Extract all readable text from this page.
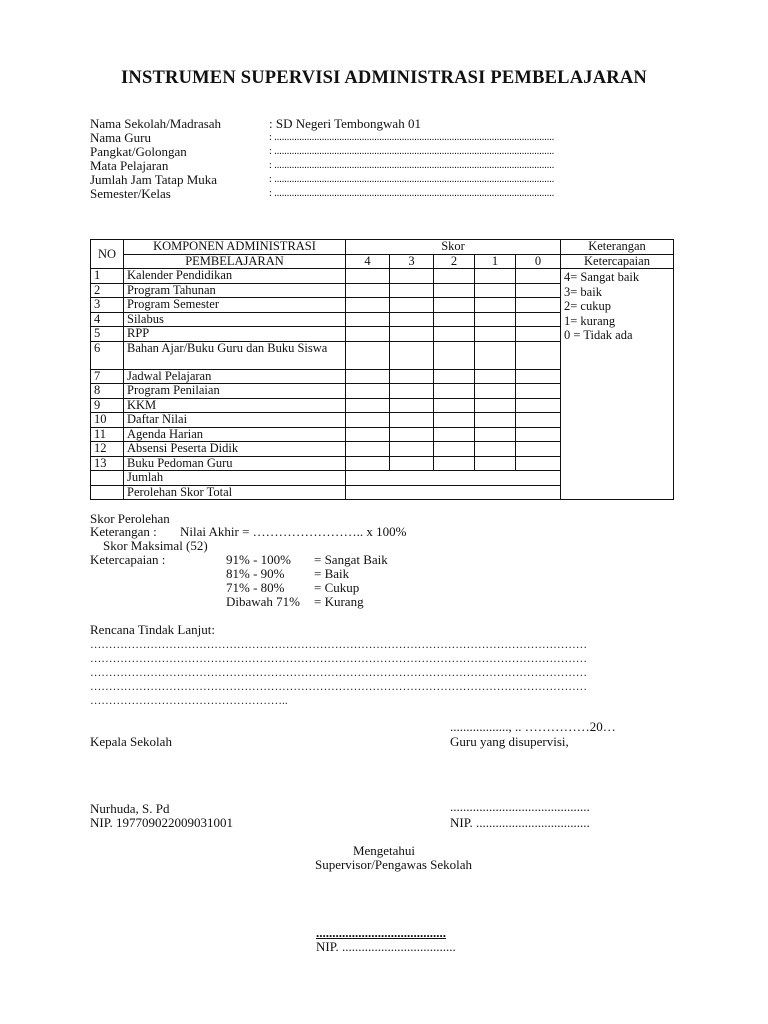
INSTRUMEN SUPERVISI ADMINISTRASI PEMBELAJARAN
Nama Sekolah/Madrasah	: SD Negeri Tembongwah 01
Nama Guru	: ................................................................................................................
Pangkat/Golongan	: ................................................................................................................
Mata Pelajaran	: ................................................................................................................
Jumlah Jam Tatap Muka	: ................................................................................................................
Semester/Kelas	: ................................................................................................................
NO	KOMPONEN ADMINISTRASI	Skor					Keterangan
	PEMBELAJARAN	4	3	2	1	0	Ketercapaian
1	Kalender Pendidikan						4= Sangat baik
3= baik
2= cukup
1= kurang
0 = Tidak ada

2	Program Tahunan						
3	Program Semester						
4	Silabus						
5	RPP						
6	Bahan Ajar/Buku Guru dan Buku Siswa						
7	Jadwal Pelajaran						
8	Program Penilaian						
9	KKM						
10	Daftar Nilai						
11	Agenda Harian						
12	Absensi Peserta Didik						
13	Buku Pedoman Guru						
	Jumlah						
	Perolehan Skor Total						
Skor Perolehan
Keterangan : Nilai Akhir = …………………….. x 100%
Skor Maksimal (52)
Ketercapaian :	91% - 100% = Sangat Baik
81% - 90% = Baik
71% - 80% = Cukup
Dibawah 71% = Kurang
Rencana Tindak Lanjut:
……………………………………………………………………………………………………………………
……………………………………………………………………………………………………………………
……………………………………………………………………………………………………………………
……………………………………………………………………………………………………………………
……………………………………………..
.................., .. ……………20…
Kepala Sekolah	Guru yang disupervisi,
Nurhuda, S. Pd	...........................................
NIP. 197709022009031001	NIP. ...................................
Mengetahui
Supervisor/Pengawas Sekolah
........................................
NIP. ...................................
